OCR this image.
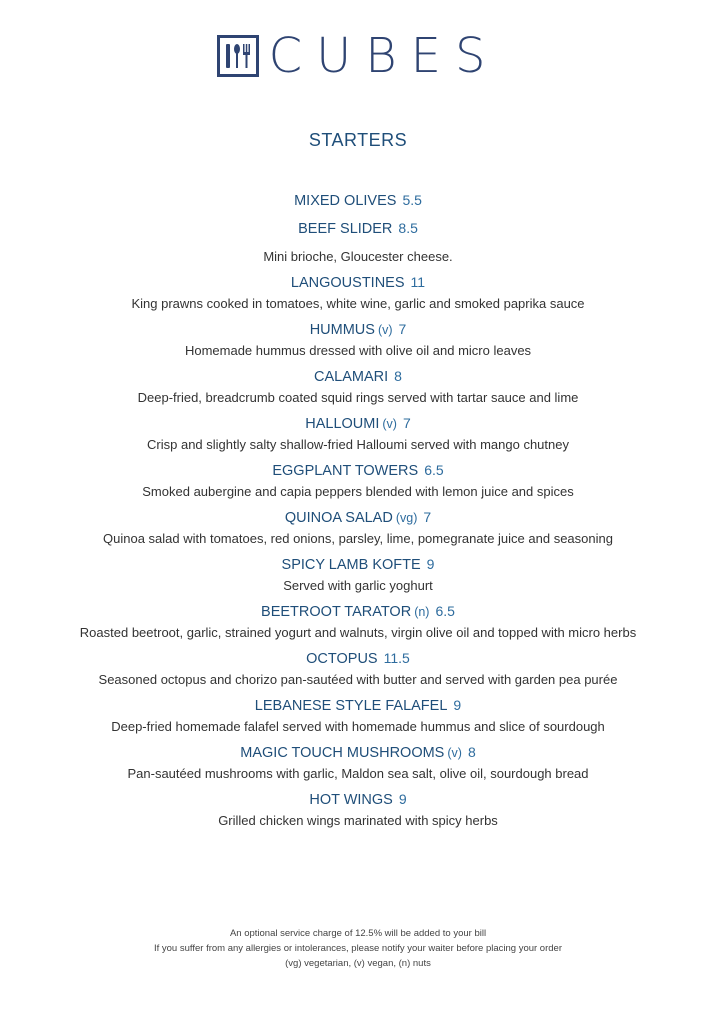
CUBES
STARTERS
MIXED OLIVES 5.5
BEEF SLIDER 8.5
Mini brioche, Gloucester cheese.
LANGOUSTINES 11
King prawns cooked in tomatoes, white wine, garlic and smoked paprika sauce
HUMMUS (v) 7
Homemade hummus dressed with olive oil and micro leaves
CALAMARI 8
Deep-fried, breadcrumb coated squid rings served with tartar sauce and lime
HALLOUMI (v) 7
Crisp and slightly salty shallow-fried Halloumi served with mango chutney
EGGPLANT TOWERS 6.5
Smoked aubergine and capia peppers blended with lemon juice and spices
QUINOA SALAD (vg) 7
Quinoa salad with tomatoes, red onions, parsley, lime, pomegranate juice and seasoning
SPICY LAMB KOFTE 9
Served with garlic yoghurt
BEETROOT TARATOR (n) 6.5
Roasted beetroot, garlic, strained yogurt and walnuts, virgin olive oil and topped with micro herbs
OCTOPUS 11.5
Seasoned octopus and chorizo pan-sautéed with butter and served with garden pea purée
LEBANESE STYLE FALAFEL 9
Deep-fried homemade falafel served with homemade hummus and slice of sourdough
MAGIC TOUCH MUSHROOMS (v) 8
Pan-sautéed mushrooms with garlic, Maldon sea salt, olive oil, sourdough bread
HOT WINGS 9
Grilled chicken wings marinated with spicy herbs
An optional service charge of 12.5% will be added to your bill
If you suffer from any allergies or intolerances, please notify your waiter before placing your order
(vg) vegetarian, (v) vegan, (n) nuts
